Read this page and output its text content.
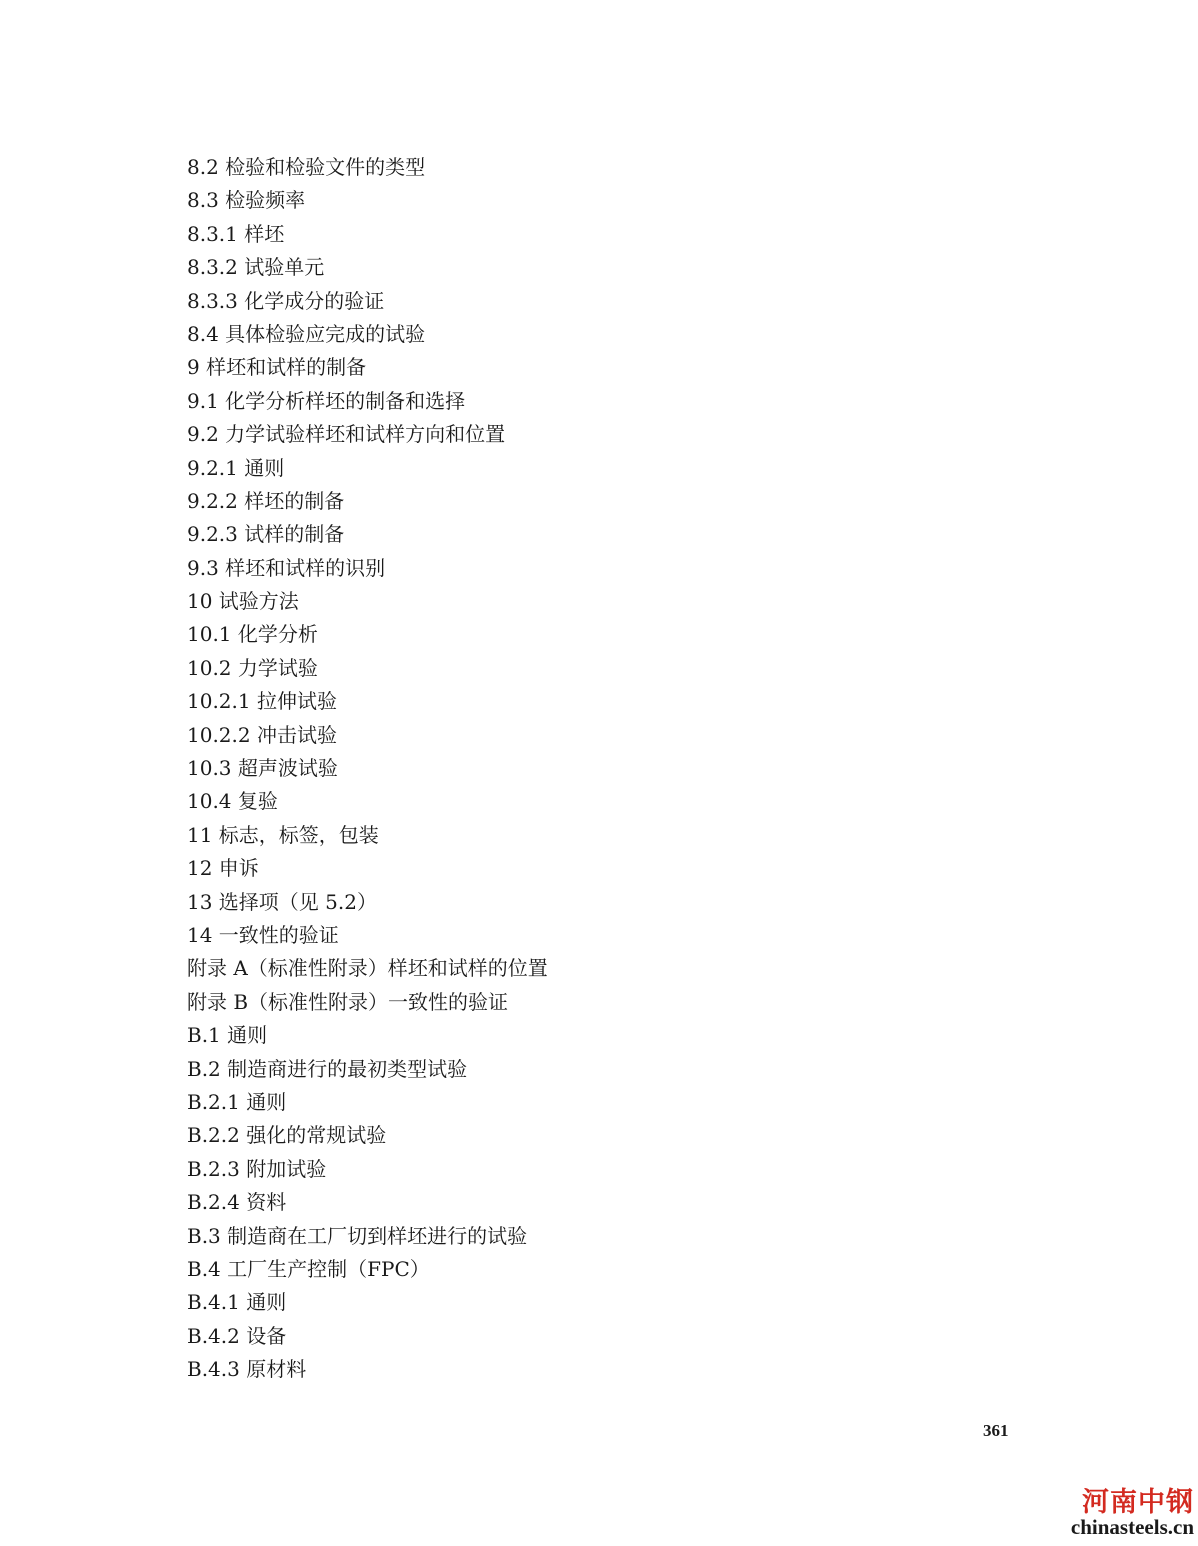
8.2 检验和检验文件的类型
8.3 检验频率
8.3.1 样坯
8.3.2 试验单元
8.3.3 化学成分的验证
8.4 具体检验应完成的试验
9 样坯和试样的制备
9.1 化学分析样坯的制备和选择
9.2 力学试验样坯和试样方向和位置
9.2.1 通则
9.2.2 样坯的制备
9.2.3 试样的制备
9.3 样坯和试样的识别
10 试验方法
10.1 化学分析
10.2 力学试验
10.2.1 拉伸试验
10.2.2 冲击试验
10.3 超声波试验
10.4 复验
11 标志，标签，包装
12 申诉
13 选择项（见 5.2）
14 一致性的验证
附录 A（标准性附录）样坯和试样的位置
附录 B（标准性附录）一致性的验证
B.1 通则
B.2 制造商进行的最初类型试验
B.2.1 通则
B.2.2 强化的常规试验
B.2.3 附加试验
B.2.4 资料
B.3 制造商在工厂切到样坯进行的试验
B.4 工厂生产控制（FPC）
B.4.1 通则
B.4.2 设备
B.4.3 原材料
361
河南中钢
chinasteels.cn
